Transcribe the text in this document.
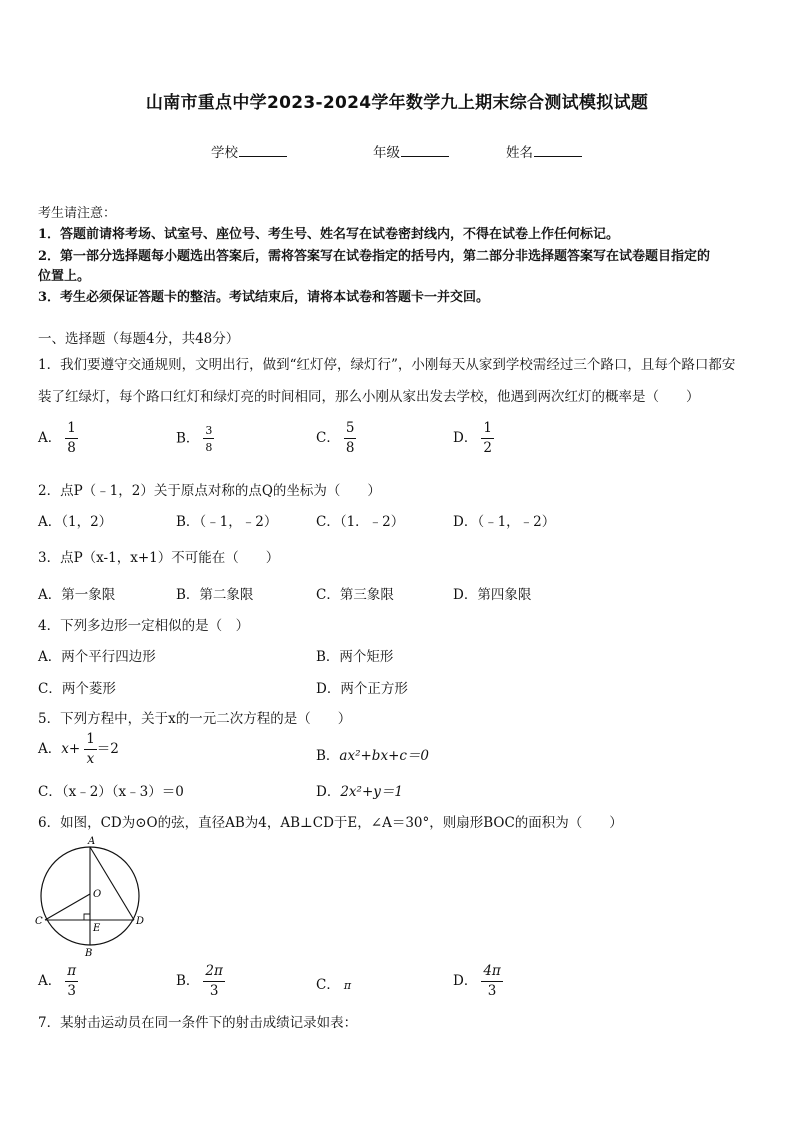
山南市重点中学2023-2024学年数学九上期末综合测试模拟试题
学校	年级	姓名
考生请注意：
1．答题前请将考场、试室号、座位号、考生号、姓名写在试卷密封线内，不得在试卷上作任何标记。
2．第一部分选择题每小题选出答案后，需将答案写在试卷指定的括号内，第二部分非选择题答案写在试卷题目指定的
位置上。
3．考生必须保证答题卡的整洁。考试结束后，请将本试卷和答题卡一并交回。
一、选择题（每题4分，共48分）
1．我们要遵守交通规则，文明出行，做到“红灯停，绿灯行”，小刚每天从家到学校需经过三个路口，且每个路口都安
装了红绿灯，每个路口红灯和绿灯亮的时间相同，那么小刚从家出发去学校，他遇到两次红灯的概率是（　　）
A． $\frac{1}{8}$	B． $\frac{3}{8}$	C． $\frac{5}{8}$	D． $\frac{1}{2}$
2．点P（﹣1，2）关于原点对称的点Q的坐标为（　　）
A．（1，2）	B．（﹣1，﹣2）	C．（1．﹣2）	D．（﹣1，﹣2）
3．点P（x-1，x+1）不可能在（　　）
A．第一象限	B．第二象限	C．第三象限	D．第四象限
4．下列多边形一定相似的是（　）
A．两个平行四边形	B．两个矩形
C．两个菱形	D．两个正方形
5．下列方程中，关于x的一元二次方程的是（　　）
A．$x+ \frac{1}{x} =2$	B．ax²+bx+c＝0
C．（x﹣2）（x﹣3）＝0	D．2x²+y＝1
6．如图，CD为⊙O的弦，直径AB为4，AB⊥CD于E，∠A＝30°，则扇形BOC的面积为（　　）
A
B
C	D
O
E
A． $\frac{\pi}{3}$	B． $\frac{2\pi}{3}$	C． π	D． $\frac{4\pi}{3}$
7．某射击运动员在同一条件下的射击成绩记录如表：
